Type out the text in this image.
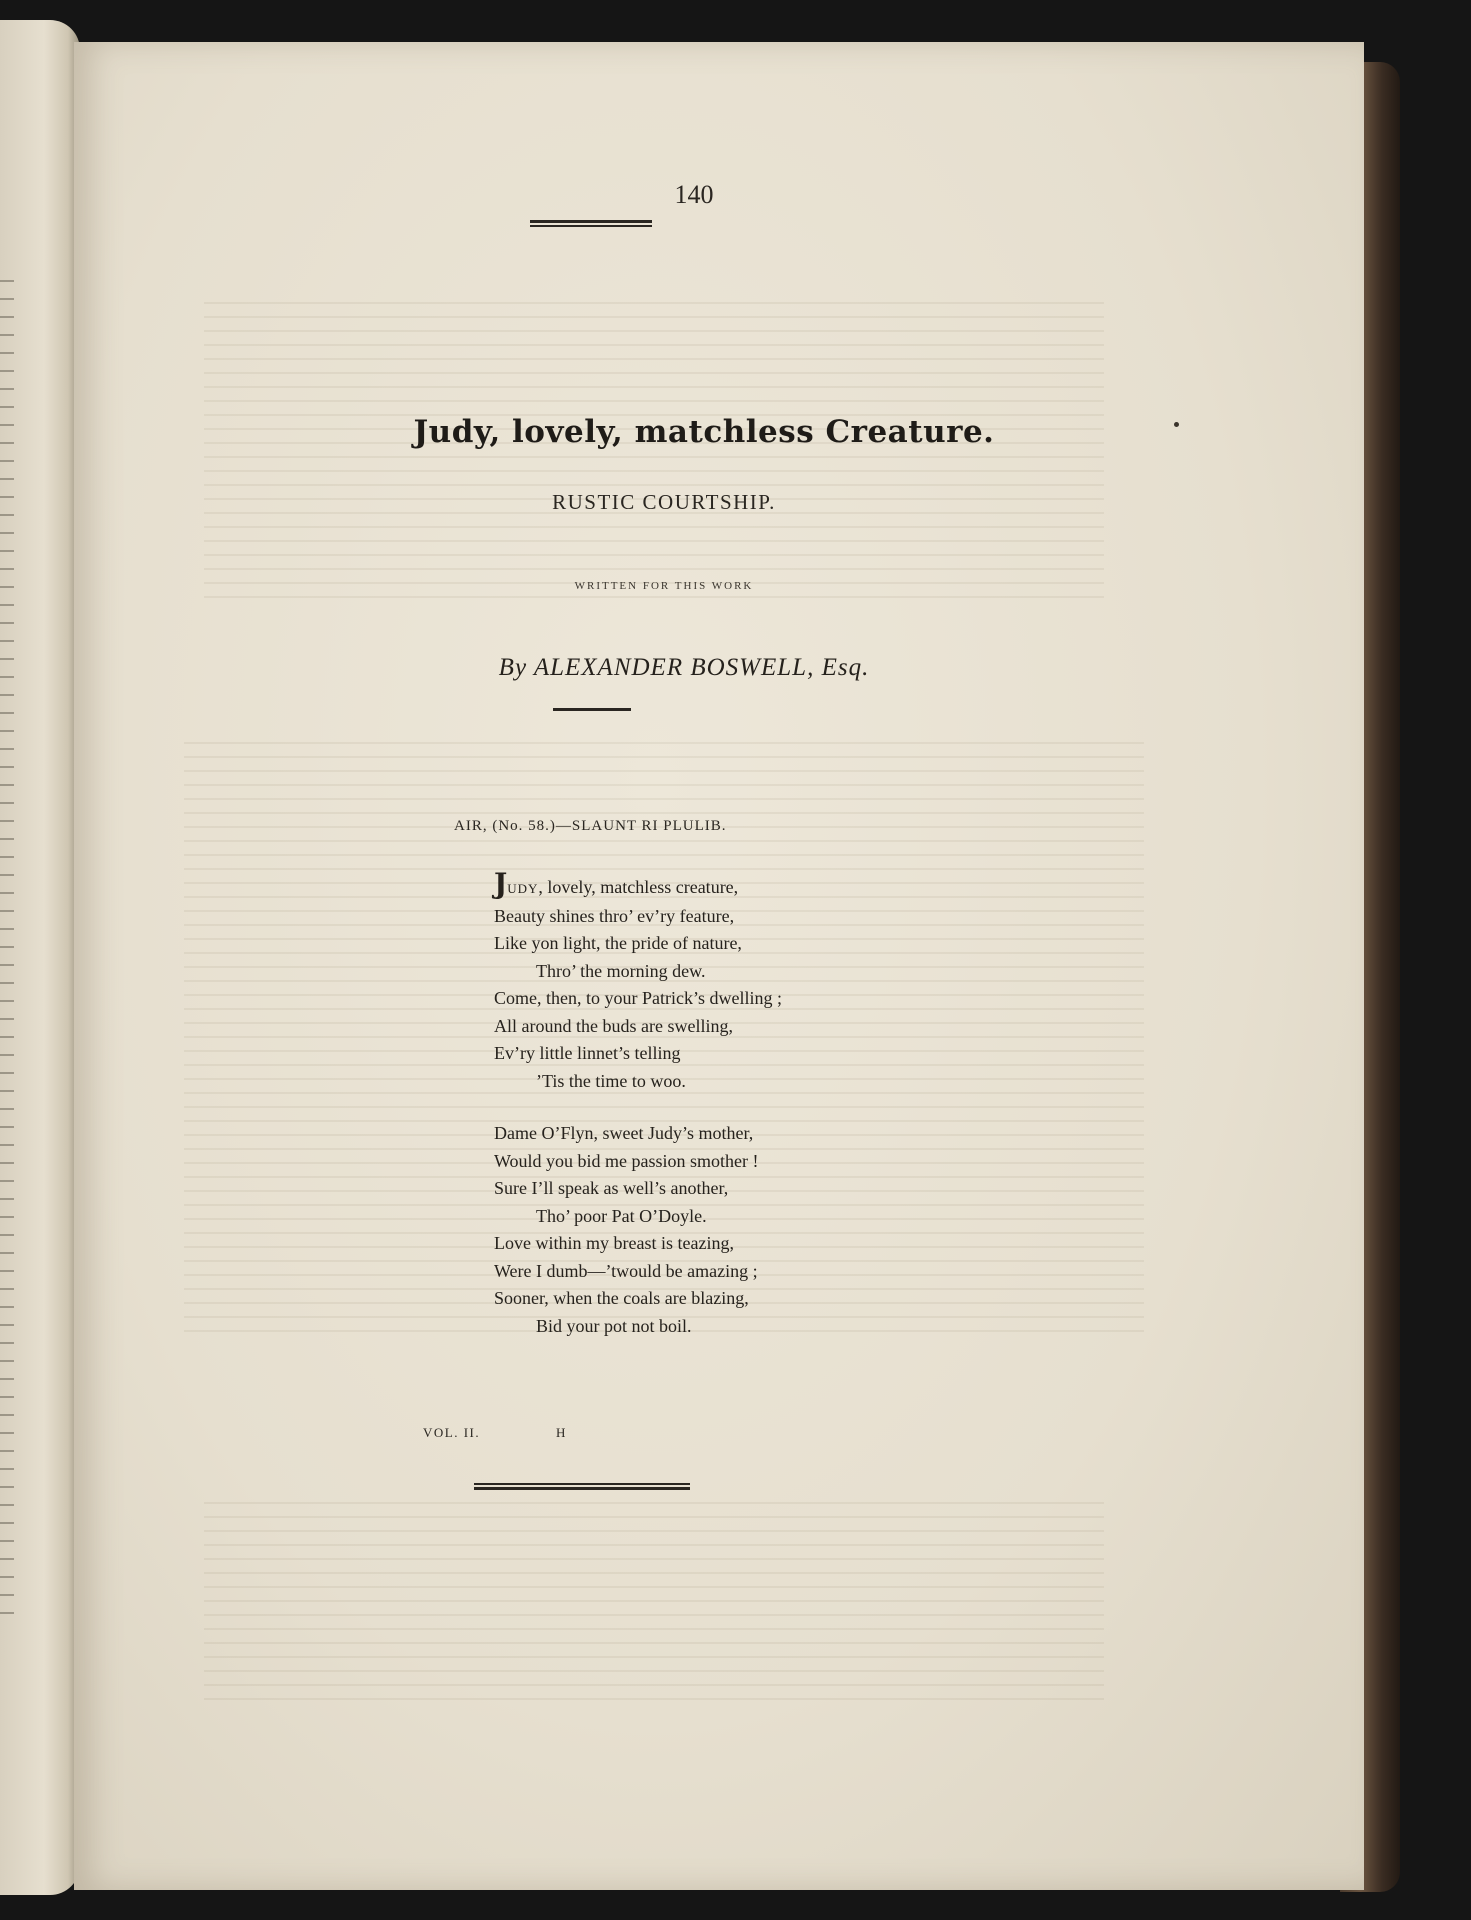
140
Judy, lovely, matchless Creature.
RUSTIC COURTSHIP.
WRITTEN FOR THIS WORK
By ALEXANDER BOSWELL, Esq.
AIR, (No. 58.)—SLAUNT RI PLULIB.
JUDY, lovely, matchless creature,
Beauty shines thro’ ev’ry feature,
Like yon light, the pride of nature,
Thro’ the morning dew.
Come, then, to your Patrick’s dwelling ;
All around the buds are swelling,
Ev’ry little linnet’s telling
’Tis the time to woo.
Dame O’Flyn, sweet Judy’s mother,
Would you bid me passion smother !
Sure I’ll speak as well’s another,
Tho’ poor Pat O’Doyle.
Love within my breast is teazing,
Were I dumb—’twould be amazing ;
Sooner, when the coals are blazing,
Bid your pot not boil.
VOL. II.	H
